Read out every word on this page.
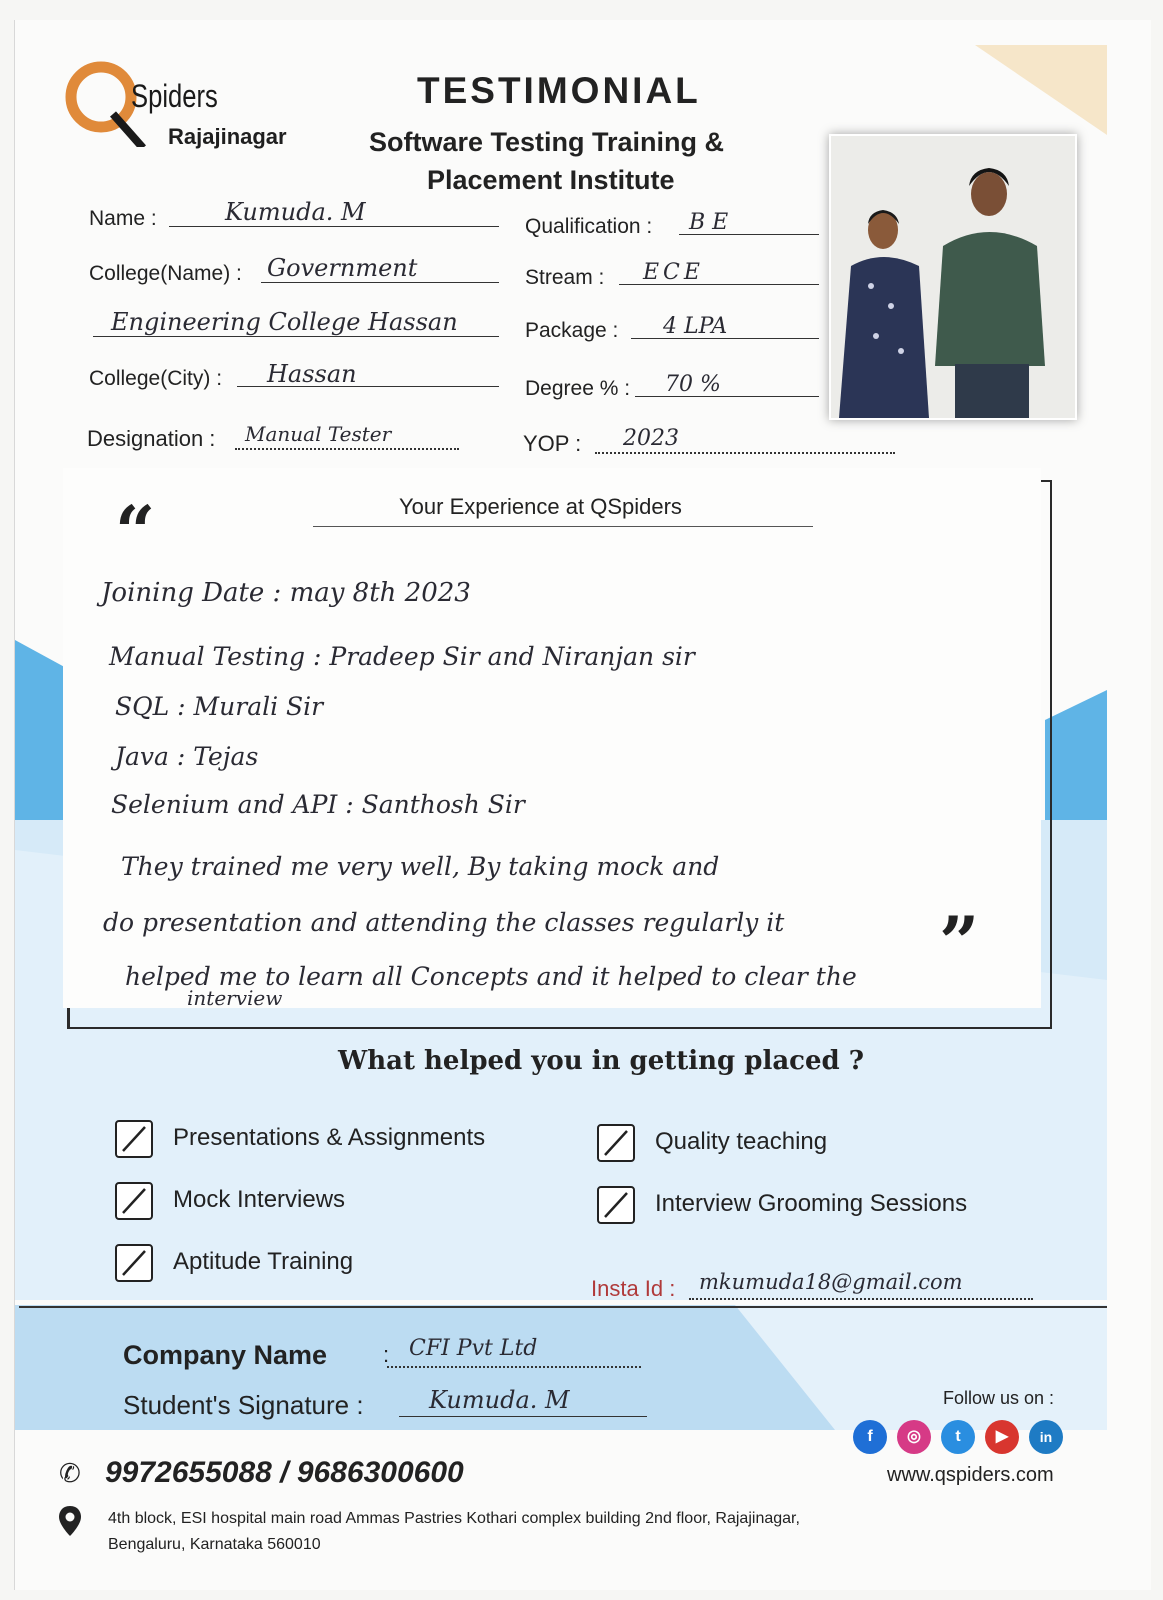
Spiders
Rajajinagar
TESTIMONIAL
Software Testing Training &
Placement Institute
Name :	Kumuda. M
College(Name) : Government
Engineering College Hassan
College(City) : Hassan
Designation : Manual Tester
Qualification : B E
Stream : ECE
Package : 4 LPA
Degree % : 70 %
YOP : 2023
“	Your Experience at QSpiders
Joining Date : may 8th 2023
Manual Testing : Pradeep Sir and Niranjan sir
SQL : Murali Sir
Java : Tejas
Selenium and API : Santhosh Sir
They trained me very well, By taking mock and
do presentation and attending the classes regularly it
helped me to learn all Concepts and it helped to clear the
interview
”
What helped you in getting placed ?
Presentations & Assignments
Mock Interviews
Aptitude Training
Quality teaching
Interview Grooming Sessions
Insta Id : mkumuda18@gmail.com
Company Name	: CFI Pvt Ltd
Student's Signature :	Kumuda. M	Follow us on :
f	◎	t	▶	in
✆ 9972655088 / 9686300600	www.qspiders.com
4th block, ESI hospital main road Ammas Pastries Kothari complex building 2nd floor, Rajajinagar,
Bengaluru, Karnataka 560010
